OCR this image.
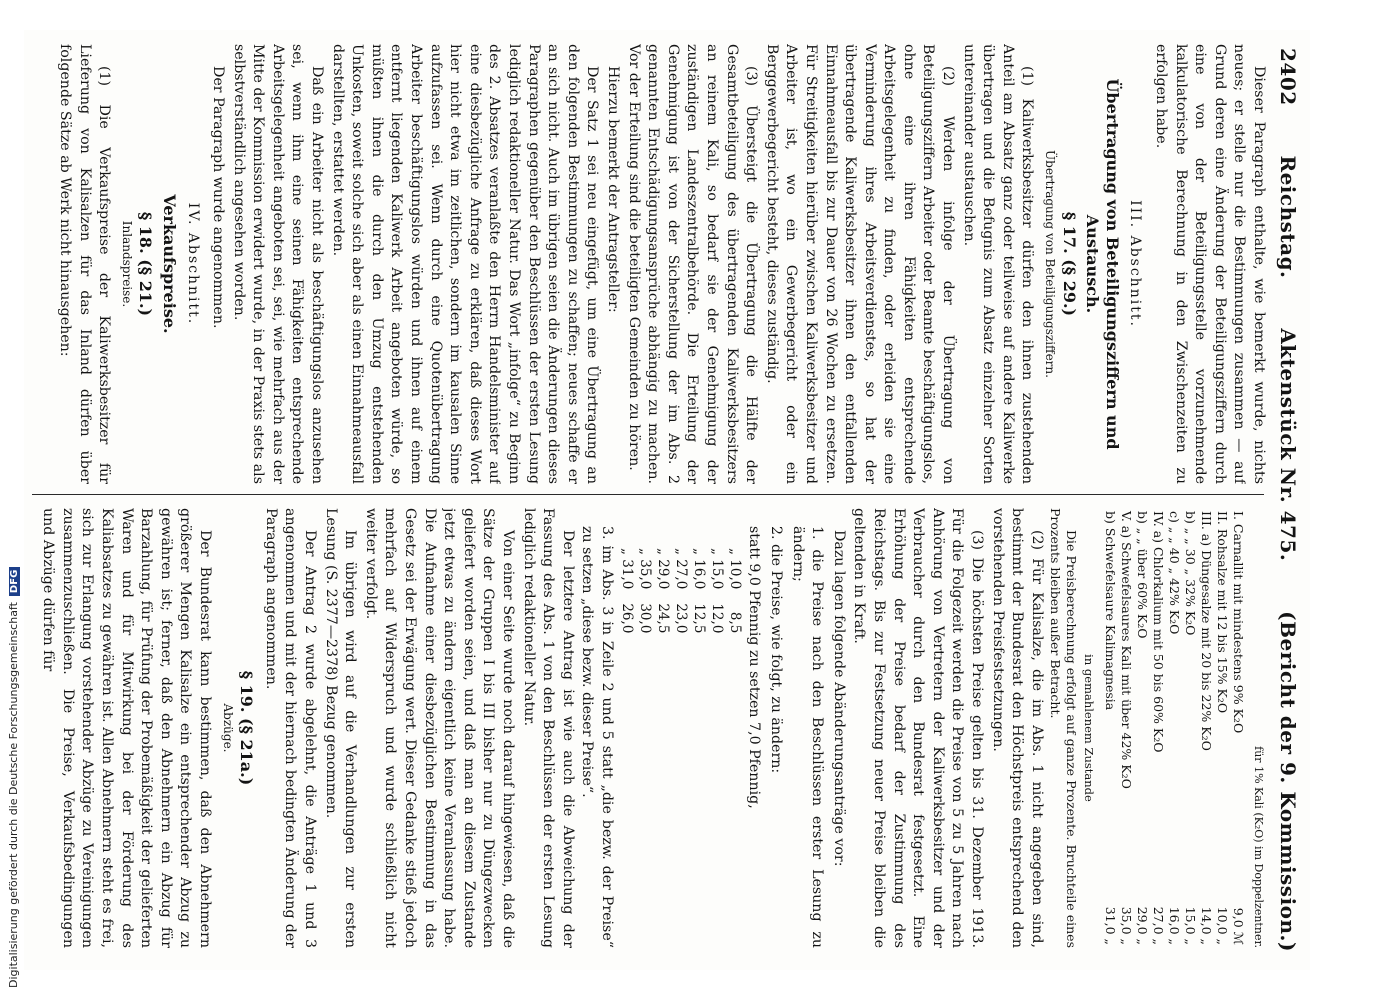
2402
Reichstag.
Aktenstück Nr. 475.
(Bericht der 9. Kommission.)

Dieser Paragraph enthalte, wie bemerkt wurde, nichts neues; er stelle nur die Bestimmungen zusammen — auf Grund deren eine Änderung der Beteiligungsziffern durch eine von der Beteiligungsstelle vorzunehmende kalkulatorische Berechnung in den Zwischenzeiten zu erfolgen habe.

III. Abschnitt.
Übertragung von Beteiligungsziffern und Austausch.
§ 17. (§ 29.)
Übertragung von Beteiligungsziffern.

(1) Kaliwerksbesitzer dürfen den ihnen zustehenden Anteil am Absatz ganz oder teilweise auf andere Kaliwerke übertragen und die Befugnis zum Absatz einzelner Sorten untereinander austauschen.

(2) Werden infolge der Übertragung von Beteiligungsziffern Arbeiter oder Beamte beschäftigungslos, ohne eine ihren Fähigkeiten entsprechende Arbeitsgelegenheit zu finden, oder erleiden sie eine Verminderung ihres Arbeitsverdienstes, so hat der übertragende Kaliwerksbesitzer ihnen den entfallenden Einnahmeausfall bis zur Dauer von 26 Wochen zu ersetzen. Für Streitigkeiten hierüber zwischen Kaliwerksbesitzer und Arbeiter ist, wo ein Gewerbegericht oder ein Berggewerbegericht besteht, dieses zuständig.

(3) Übersteigt die Übertragung die Hälfte der Gesamtbeteiligung des übertragenden Kaliwerksbesitzers an reinem Kali, so bedarf sie der Genehmigung der zuständigen Landeszentralbehörde. Die Erteilung der Genehmigung ist von der Sicherstellung der im Abs. 2 genannten Entschädigungsansprüche abhängig zu machen. Vor der Erteilung sind die beteiligten Gemeinden zu hören.

Hierzu bemerkt der Antragsteller:

Der Satz 1 sei neu eingefügt, um eine Übertragung an den folgenden Bestimmungen zu schaffen; neues schaffe er an sich nicht. Auch im übrigen seien die Änderungen dieses Paragraphen gegenüber den Beschlüssen der ersten Lesung lediglich redaktioneller Natur. Das Wort „infolge“ zu Beginn des 2. Absatzes veranlaßte den Herrn Handelsminister auf eine diesbezügliche Anfrage zu erklären, daß dieses Wort hier nicht etwa im zeitlichen, sondern im kausalen Sinne aufzufassen sei. Wenn durch eine Quotenübertragung Arbeiter beschäftigungslos würden und ihnen auf einem entfernt liegenden Kaliwerk Arbeit angeboten würde, so müßten ihnen die durch den Umzug entstehenden Unkosten, soweit solche sich aber als einen Einnahmeausfall darstellten, erstattet werden.

Daß ein Arbeiter nicht als beschäftigungslos anzusehen sei, wenn ihm eine seinen Fähigkeiten entsprechende Arbeitsgelegenheit angeboten sei, sei, wie mehrfach aus der Mitte der Kommission erwidert wurde, in der Praxis stets als selbstverständlich angesehen worden.

Der Paragraph wurde angenommen.

IV. Abschnitt.
Verkaufspreise.
§ 18. (§ 21.)
Inlandspreise.

(1) Die Verkaufspreise der Kaliwerksbesitzer für Lieferung von Kalisalzen für das Inland dürfen über folgende Sätze ab Werk nicht hinausgehen:

für 1% Kali (K₂O) im Doppelzentner.
I. Carnallit mit mindestens 9% K₂O	9,0 ℳ
II. Rohsalze mit 12 bis 15% K₂O	10,0 „
III. a) Düngesalze mit 20 bis 22% K₂O	14,0 „
b) „ „ 30 „ 32% K₂O	15,0 „
c) „ „ 40 „ 42% K₂O	16,0 „
IV. a) Chlorkalium mit 50 bis 60% K₂O	27,0 „
b) „ „ über 60% K₂O	29,0 „
V. a) Schwefelsaures Kali mit über 42% K₂O	35,0 „
b) Schwefelsaure Kalimagnesia	31,0 „
in gemahlenem Zustande

Die Preisberechnung erfolgt auf ganze Prozente. Bruchteile eines Prozents bleiben außer Betracht.

(2) Für Kalisalze, die im Abs. 1 nicht angegeben sind, bestimmt der Bundesrat den Höchstpreis entsprechend den vorstehenden Preisfestsetzungen.

(3) Die höchsten Preise gelten bis 31. Dezember 1913. Für die Folgezeit werden die Preise von 5 zu 5 Jahren nach Anhörung von Vertretern der Kaliwerksbesitzer und der Verbraucher durch den Bundesrat festgesetzt. Eine Erhöhung der Preise bedarf der Zustimmung des Reichstags. Bis zur Festsetzung neuer Preise bleiben die geltenden in Kraft.

Dazu lagen folgende Abänderungsanträge vor:

1. die Preise nach den Beschlüssen erster Lesung zu ändern;
2. die Preise, wie folgt, zu ändern:
statt 9,0 Pfennig zu setzen 7,0 Pfennig,
„ 10,0	8,5
„ 15,0	12,0
„ 16,0	12,5
„ 27,0	23,0
„ 29,0	24,5
„ 35,0	30,0
„ 31,0	26,0
3. im Abs. 3 in Zeile 2 und 5 statt „die bezw. der Preise“ zu setzen „diese bezw. dieser Preise“.

Der letztere Antrag ist wie auch die Abweichung der Fassung des Abs. 1 von den Beschlüssen der ersten Lesung lediglich redaktioneller Natur.

Von einer Seite wurde noch darauf hingewiesen, daß die Sätze der Gruppen I bis III bisher nur zu Düngezwecken geliefert worden seien, und daß man an diesem Zustande jetzt etwas zu ändern eigentlich keine Veranlassung habe. Die Aufnahme einer diesbezüglichen Bestimmung in das Gesetz sei der Erwägung wert. Dieser Gedanke stieß jedoch mehrfach auf Widerspruch und wurde schließlich nicht weiter verfolgt.

Im übrigen wird auf die Verhandlungen zur ersten Lesung (S. 2377—2378) Bezug genommen.

Der Antrag 2 wurde abgelehnt, die Anträge 1 und 3 angenommen und mit der hiernach bedingten Änderung der Paragraph angenommen.

§ 19. (§ 21a.)
Abzüge.

Der Bundesrat kann bestimmen, daß den Abnehmern größerer Mengen Kalisalze ein entsprechender Abzug zu gewähren ist; ferner, daß den Abnehmern ein Abzug für Barzahlung, für Prüfung der Probemäßigkeit der gelieferten Waren und für Mitwirkung bei der Förderung des Kaliabsatzes zu gewähren ist. Allen Abnehmern steht es frei, sich zur Erlangung vorstehender Abzüge zu Vereinigungen zusammenzuschließen. Die Preise, Verkaufsbedingungen und Abzüge dürfen für

Digitalisierung gefördert durch die Deutsche ForschungsgemeinschaftDFG
